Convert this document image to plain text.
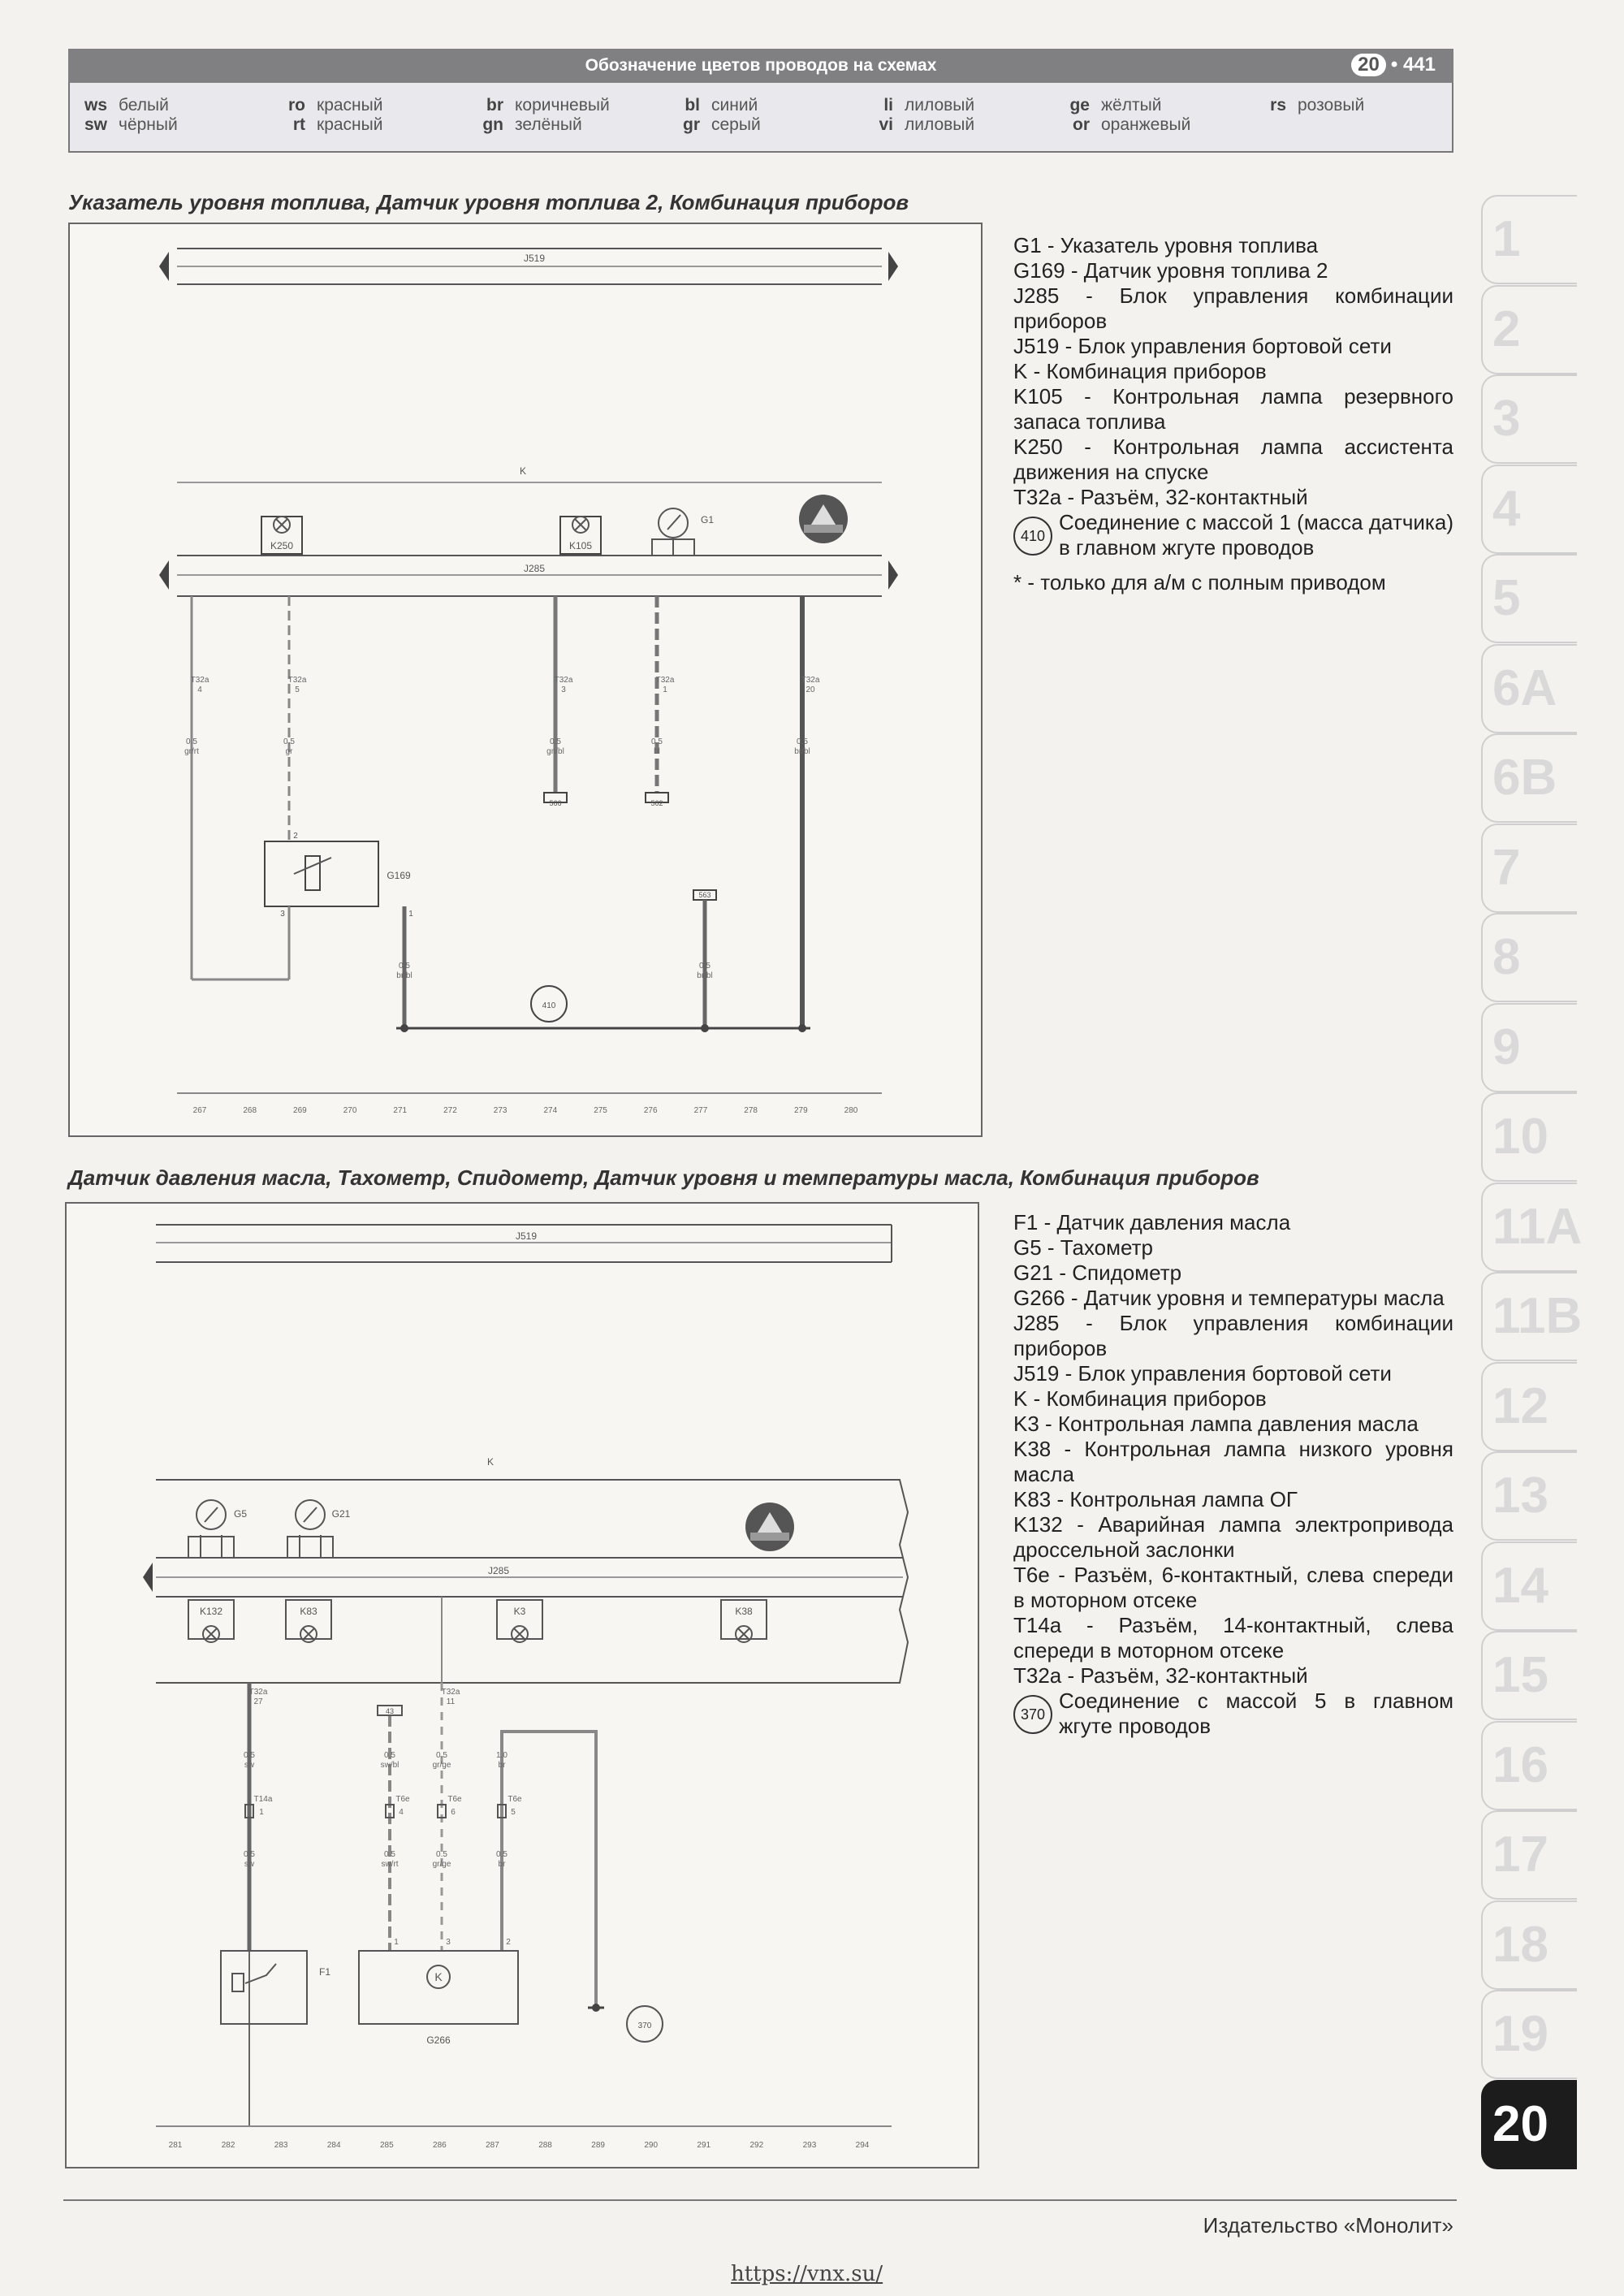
Обозначение цветов проводов на схемах	20 • 441
ws белый	ro красный	br коричневый	bl синий	li лиловый	ge жёлтый	rs розовый
sw чёрный	rt красный	gn зелёный	gr серый	vi лиловый	or оранжевый
Указатель уровня топлива, Датчик уровня топлива 2, Комбинация приборов
J519
K
J285
K250	K105
G1
G169
566	562
563
410
2
3	1
T32a
4
0.5
gr/rt
T32a
5
0.5
gr
T32a
3
0.5
gn/bl
T32a
1
0.5
bl
T32a
20
0.5
br/bl
0.5
br/bl
0.5
br/bl
267	268	269	270	271	272	273	274	275	276	277	278	279	280

G1 - Указатель уровня топлива

G169 - Датчик уровня топлива 2

J285 - Блок управления комбинации приборов

J519 - Блок управления бортовой сети

K - Комбинация приборов

K105 - Контрольная лампа резервного запаса топлива

K250 - Контрольная лампа ассистента движения на спуске

T32a - Разъём, 32-контактный

410

Соединение с массой 1 (масса датчика) в главном жгуте проводов

* - только для а/м с полным приводом

Датчик давления масла, Тахометр, Спидометр, Датчик уровня и температуры масла, Комбинация приборов
J519
K
J285
G5	G21
K132	K83	K3	K38
F1
G266
K
370
43
T32a
27
T32a
11
0.5
sw
0.5
sw/bl
0.5
gr/ge
1.0
br
T14a
1
T6e
4
T6e
6
T6e
5
0.5
sw
0.5
sw/rt
0.5
gr/ge
0.5
br
1	3	2
281	282	283	284	285	286	287	288	289	290	291	292	293	294

F1 - Датчик давления масла

G5 - Тахометр

G21 - Спидометр

G266 - Датчик уровня и температуры масла

J285 - Блок управления комбинации приборов

J519 - Блок управления бортовой сети

K - Комбинация приборов

K3 - Контрольная лампа давления масла

K38 - Контрольная лампа низкого уровня масла

K83 - Контрольная лампа ОГ

K132 - Аварийная лампа электропривода дроссельной заслонки

T6e - Разъём, 6-контактный, слева спереди в моторном отсеке

T14a - Разъём, 14-контактный, слева спереди в моторном отсеке

T32a - Разъём, 32-контактный

370

Соединение с массой 5 в главном жгуте проводов

1
2
3
4
5
6A
6B
7
8
9
10
11A
11B
12
13
14
15
16
17
18
19
20
Издательство «Монолит»
https://vnx.su/
